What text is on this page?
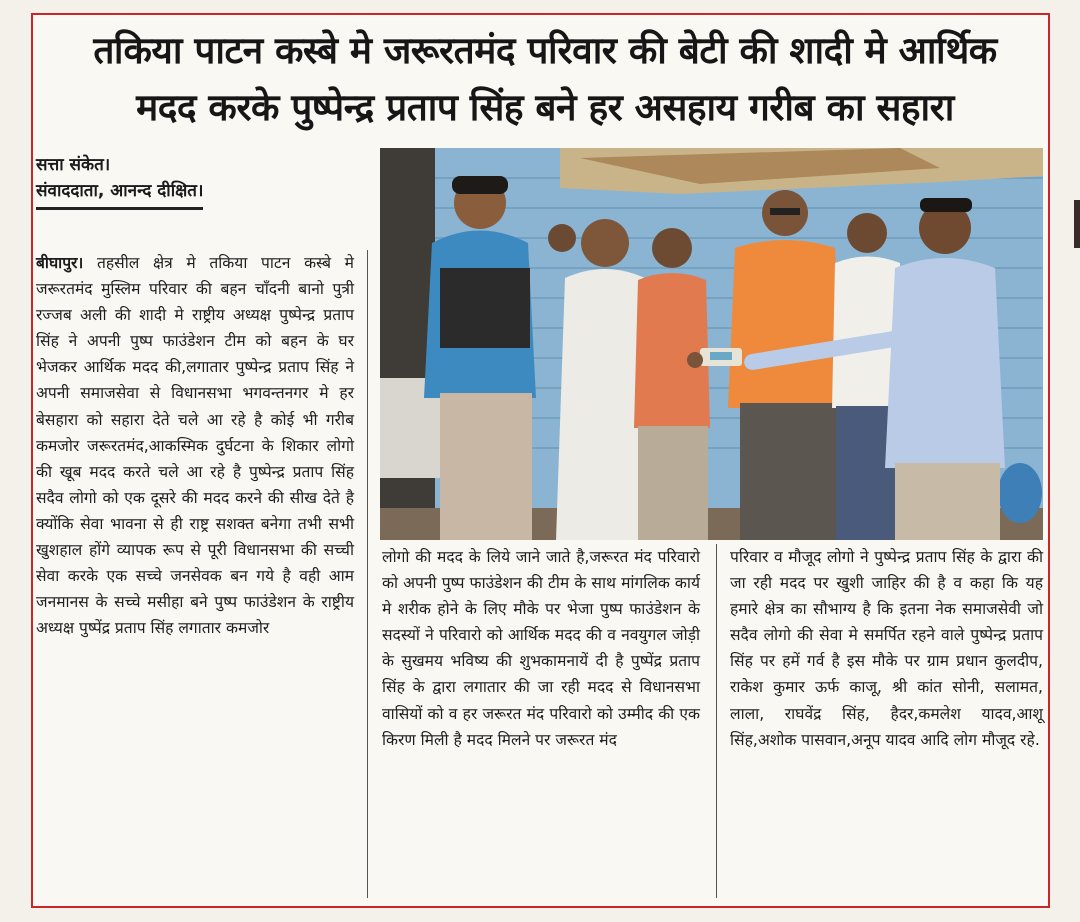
तकिया पाटन कस्बे मे जरूरतमंद परिवार की बेटी की शादी मे आर्थिक
मदद करके पुष्पेन्द्र प्रताप सिंह बने हर असहाय गरीब का सहारा
सत्ता संकेत।
संवाददाता, आनन्द दीक्षित।
बीघापुर। तहसील क्षेत्र मे तकिया पाटन कस्बे मे जरूरतमंद मुस्लिम परिवार की बहन चाँदनी बानो पुत्री रज्जब अली की शादी मे राष्ट्रीय अध्यक्ष पुष्पेन्द्र प्रताप सिंह ने अपनी पुष्प फाउंडेशन टीम को बहन के घर भेजकर आर्थिक मदद की,लगातार पुष्पेन्द्र प्रताप सिंह ने अपनी समाजसेवा से विधानसभा भगवन्तनगर मे हर बेसहारा को सहारा देते चले आ रहे है कोई भी गरीब कमजोर जरूरतमंद,आकस्मिक दुर्घटना के शिकार लोगो की खूब मदद करते चले आ रहे है पुष्पेन्द्र प्रताप सिंह सदैव लोगो को एक दूसरे की मदद करने की सीख देते है क्योंकि सेवा भावना से ही राष्ट्र सशक्त बनेगा तभी सभी खुशहाल होंगे व्यापक रूप से पूरी विधानसभा की सच्ची सेवा करके एक सच्चे जनसेवक बन गये है वही आम जनमानस के सच्चे मसीहा बने पुष्प फाउंडेशन के राष्ट्रीय अध्यक्ष पुष्पेंद्र प्रताप सिंह लगातार कमजोर
लोगो की मदद के लिये जाने जाते है,जरूरत मंद परिवारो को अपनी पुष्प फाउंडेशन की टीम के साथ मांगलिक कार्य मे शरीक होने के लिए मौके पर भेजा पुष्प फाउंडेशन के सदस्यों ने परिवारो को आर्थिक मदद की व नवयुगल जोड़ी के सुखमय भविष्य की शुभकामनायें दी है पुष्पेंद्र प्रताप सिंह के द्वारा लगातार की जा रही मदद से विधानसभा वासियों को व हर जरूरत मंद परिवारो को उम्मीद की एक किरण मिली है मदद मिलने पर जरूरत मंद
परिवार व मौजूद लोगो ने पुष्पेन्द्र प्रताप सिंह के द्वारा की जा रही मदद पर खुशी जाहिर की है व कहा कि यह हमारे क्षेत्र का सौभाग्य है कि इतना नेक समाजसेवी जो सदैव लोगो की सेवा मे समर्पित रहने वाले पुष्पेन्द्र प्रताप सिंह पर हमें गर्व है इस मौके पर ग्राम प्रधान कुलदीप, राकेश कुमार ऊर्फ काजू, श्री कांत सोनी, सलामत, लाला, राघवेंद्र सिंह, हैदर,कमलेश यादव,आशू सिंह,अशोक पासवान,अनूप यादव आदि लोग मौजूद रहे.
